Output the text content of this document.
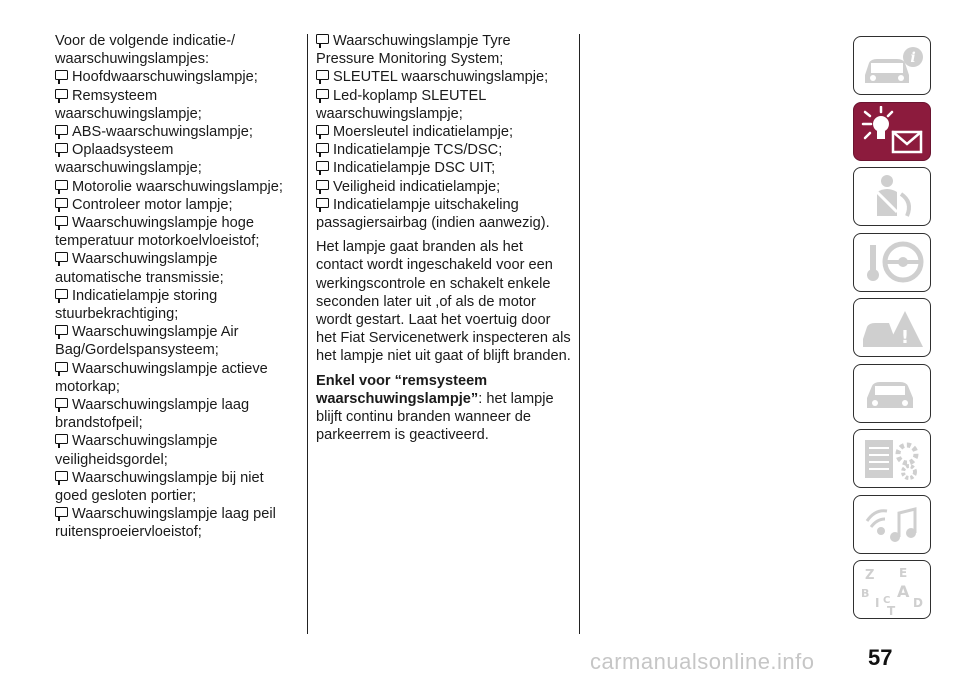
Voor de volgende indicatie-/ waarschuwingslampjes:

Hoofdwaarschuwingslampje;

Remsysteem waarschuwingslampje;

ABS-waarschuwingslampje;

Oplaadsysteem waarschuwingslampje;

Motorolie waarschuwingslampje;

Controleer motor lampje;

Waarschuwingslampje hoge temperatuur motorkoelvloeistof;

Waarschuwingslampje automatische transmissie;

Indicatielampje storing stuurbekrachtiging;

Waarschuwingslampje Air Bag/Gordelspansysteem;

Waarschuwingslampje actieve motorkap;

Waarschuwingslampje laag brandstofpeil;

Waarschuwingslampje veiligheidsgordel;

Waarschuwingslampje bij niet goed gesloten portier;

Waarschuwingslampje laag peil ruitensproeiervloeistof;

Waarschuwingslampje Tyre Pressure Monitoring System;

SLEUTEL waarschuwingslampje;

Led-koplamp SLEUTEL waarschuwingslampje;

Moersleutel indicatielampje;

Indicatielampje TCS/DSC;

Indicatielampje DSC UIT;

Veiligheid indicatielampje;

Indicatielampje uitschakeling passagiersairbag (indien aanwezig).

Het lampje gaat branden als het contact wordt ingeschakeld voor een werkingscontrole en schakelt enkele seconden later uit ,of als de motor wordt gestart. Laat het voertuig door het Fiat Servicenetwerk inspecteren als het lampje niet uit gaat of blijft branden.

Enkel voor “remsysteem waarschuwingslampje”: het lampje blijft continu branden wanneer de parkeerrem is geactiveerd.

i
!
Z E
B A
I C D
T
57
carmanualsonline.info
